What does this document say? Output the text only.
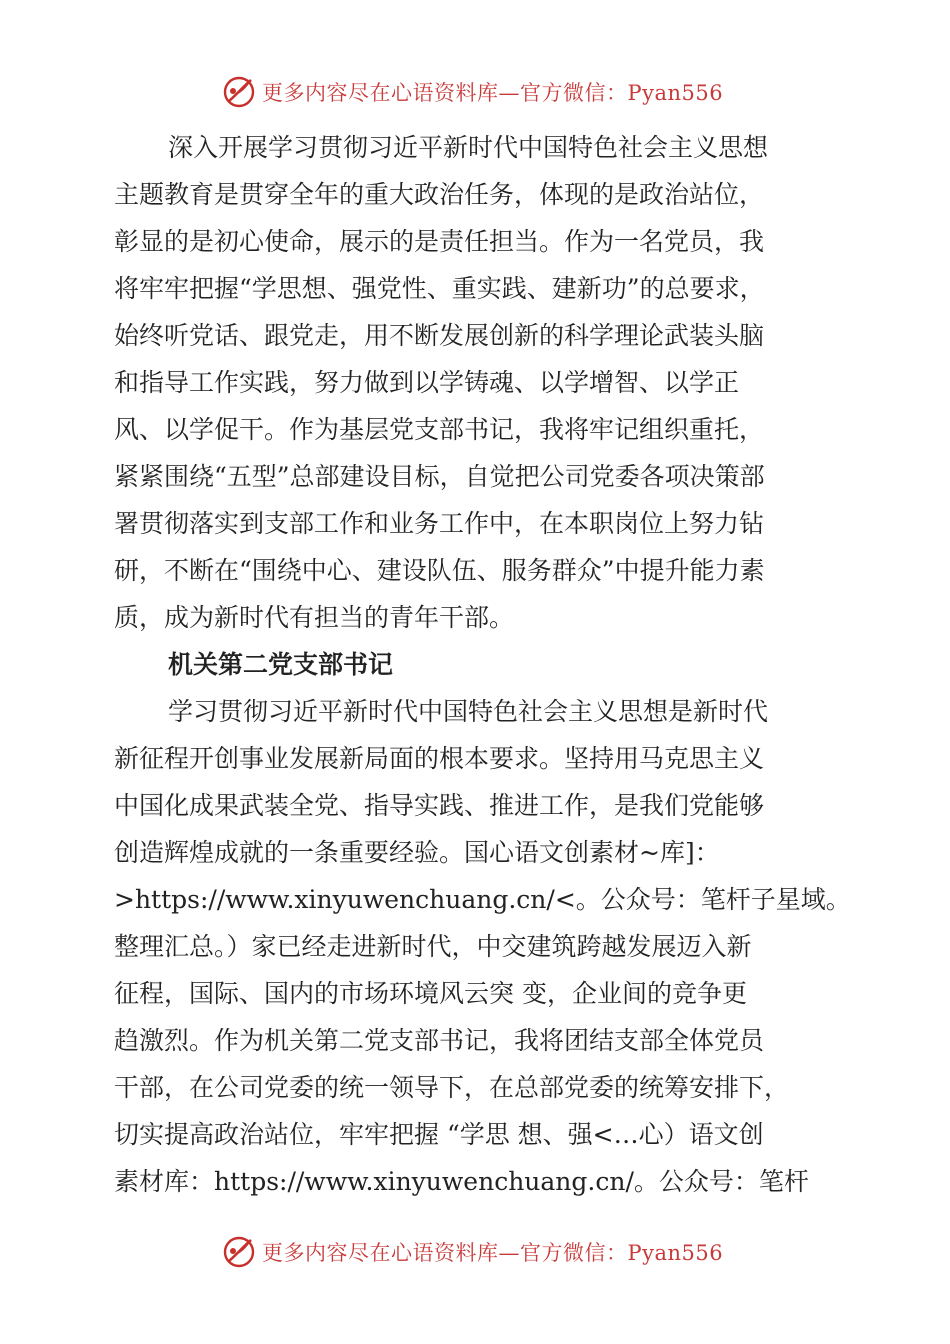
更多内容尽在心语资料库—官方微信：Pyan556
深入开展学习贯彻习近平新时代中国特色社会主义思想
主题教育是贯穿全年的重大政治任务，体现的是政治站位，
彰显的是初心使命，展示的是责任担当。作为一名党员，我
将牢牢把握“学思想、强党性、重实践、建新功”的总要求，
始终听党话、跟党走，用不断发展创新的科学理论武装头脑
和指导工作实践，努力做到以学铸魂、以学增智、以学正
风、以学促干。作为基层党支部书记，我将牢记组织重托，
紧紧围绕“五型”总部建设目标，自觉把公司党委各项决策部
署贯彻落实到支部工作和业务工作中，在本职岗位上努力钻
研，不断在“围绕中心、建设队伍、服务群众”中提升能力素
质，成为新时代有担当的青年干部。
机关第二党支部书记
学习贯彻习近平新时代中国特色社会主义思想是新时代
新征程开创事业发展新局面的根本要求。坚持用马克思主义
中国化成果武装全党、指导实践、推进工作，是我们党能够
创造辉煌成就的一条重要经验。国心语文创素材~库]：
>https://www.xinyuwenchuang.cn/<。公众号：笔杆子星域。
整理汇总。）家已经走进新时代，中交建筑跨越发展迈入新
征程，国际、国内的市场环境风云突 变，企业间的竞争更
趋激烈。作为机关第二党支部书记，我将团结支部全体党员
干部，在公司党委的统一领导下，在总部党委的统筹安排下，
切实提高政治站位，牢牢把握 “学思 想、强<…心）语文创
素材库：https://www.xinyuwenchuang.cn/。公众号：笔杆
更多内容尽在心语资料库—官方微信：Pyan556
